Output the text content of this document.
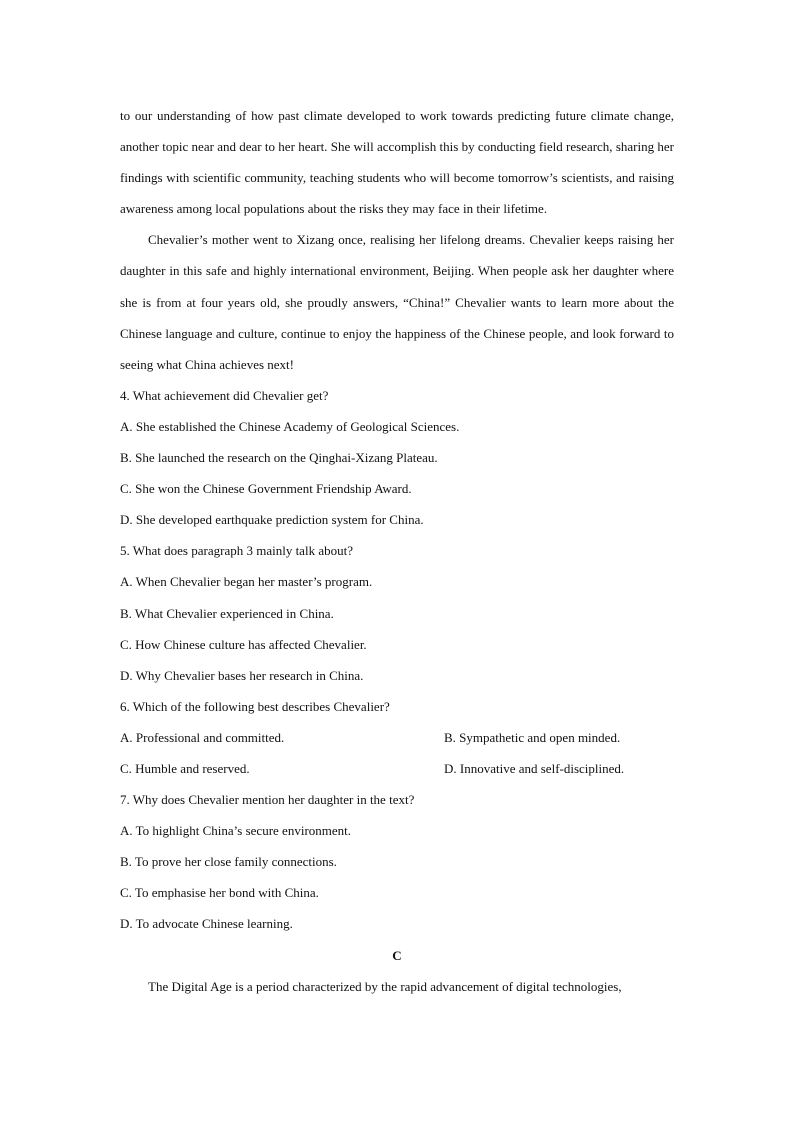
to our understanding of how past climate developed to work towards predicting future climate change, another topic near and dear to her heart. She will accomplish this by conducting field research, sharing her findings with scientific community, teaching students who will become tomorrow’s scientists, and raising awareness among local populations about the risks they may face in their lifetime.

Chevalier’s mother went to Xizang once, realising her lifelong dreams. Chevalier keeps raising her daughter in this safe and highly international environment, Beijing. When people ask her daughter where she is from at four years old, she proudly answers, “China!” Chevalier wants to learn more about the Chinese language and culture, continue to enjoy the happiness of the Chinese people, and look forward to seeing what China achieves next!

4. What achievement did Chevalier get?

A. She established the Chinese Academy of Geological Sciences.

B. She launched the research on the Qinghai-Xizang Plateau.

C. She won the Chinese Government Friendship Award.

D. She developed earthquake prediction system for China.

5. What does paragraph 3 mainly talk about?

A. When Chevalier began her master’s program.

B. What Chevalier experienced in China.

C. How Chinese culture has affected Chevalier.

D. Why Chevalier bases her research in China.

6. Which of the following best describes Chevalier?

A. Professional and committed.	B. Sympathetic and open minded.
C. Humble and reserved.	D. Innovative and self-disciplined.

7. Why does Chevalier mention her daughter in the text?

A. To highlight China’s secure environment.

B. To prove her close family connections.

C. To emphasise her bond with China.

D. To advocate Chinese learning.

C

The Digital Age is a period characterized by the rapid advancement of digital technologies,
